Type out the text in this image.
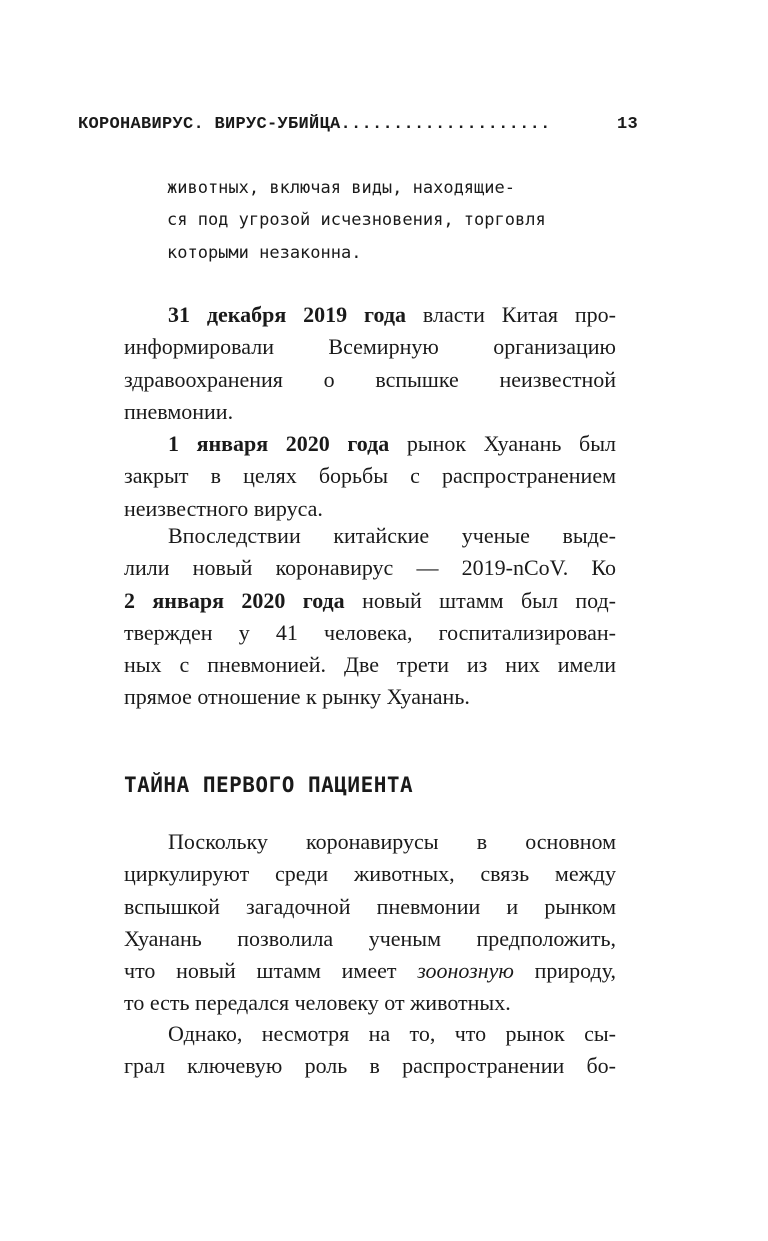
КОРОНАВИРУС. ВИРУС-УБИЙЦА....................	13
животных, включая виды, находящие-
ся под угрозой исчезновения, торговля
которыми незаконна.
31 декабря 2019 года власти Китая про-
информировали Всемирную организацию
здравоохранения о вспышке неизвестной
пневмонии.
1 января 2020 года рынок Хуанань был
закрыт в целях борьбы с распространением
неизвестного вируса.
Впоследствии китайские ученые выде-
лили новый коронавирус — 2019-nCoV. Ко
2 января 2020 года новый штамм был под-
твержден у 41 человека, госпитализирован-
ных с пневмонией. Две трети из них имели
прямое отношение к рынку Хуанань.
ТАЙНА ПЕРВОГО ПАЦИЕНТА
Поскольку коронавирусы в основном
циркулируют среди животных, связь между
вспышкой загадочной пневмонии и рынком
Хуанань позволила ученым предположить,
что новый штамм имеет зоонозную природу,
то есть передался человеку от животных.
Однако, несмотря на то, что рынок сы-
грал ключевую роль в распространении бо-
